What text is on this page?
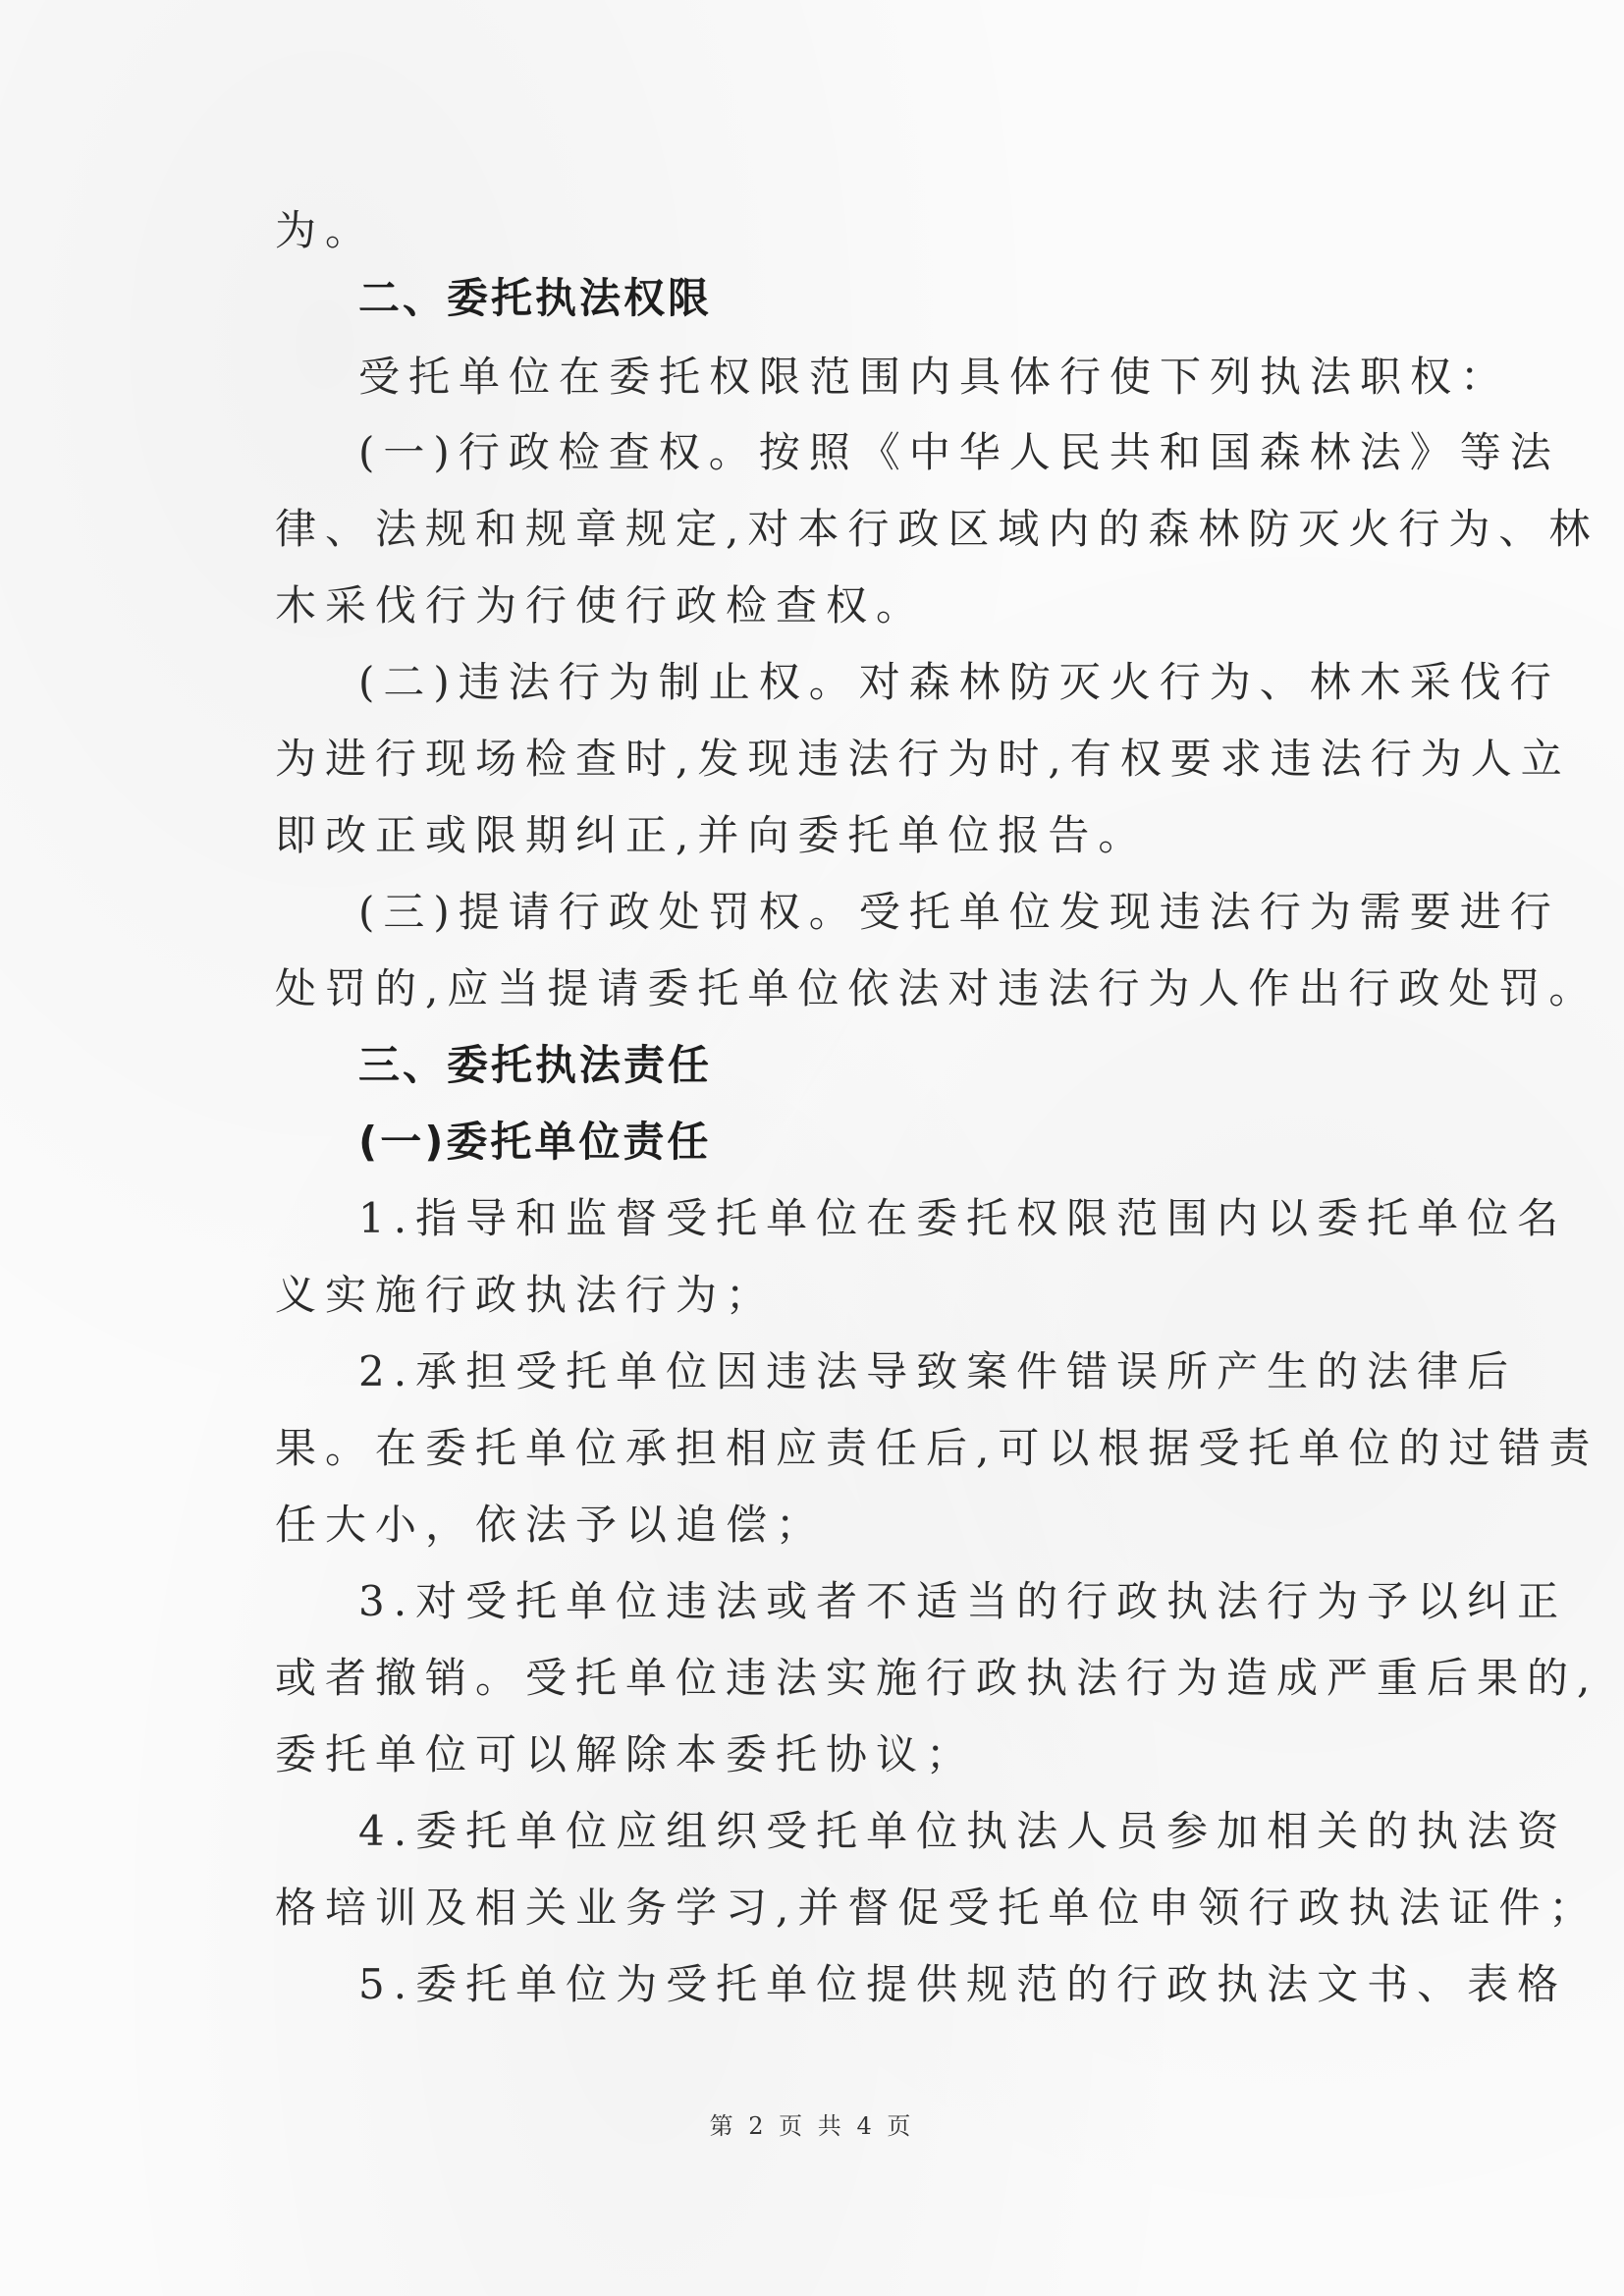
为。

二、委托执法权限

受托单位在委托权限范围内具体行使下列执法职权：

(一)行政检查权。按照《中华人民共和国森林法》等法

律、法规和规章规定,对本行政区域内的森林防灭火行为、林

木采伐行为行使行政检查权。

(二)违法行为制止权。对森林防灭火行为、林木采伐行

为进行现场检查时,发现违法行为时,有权要求违法行为人立

即改正或限期纠正,并向委托单位报告。

(三)提请行政处罚权。受托单位发现违法行为需要进行

处罚的,应当提请委托单位依法对违法行为人作出行政处罚。

三、委托执法责任

(一)委托单位责任

1.指导和监督受托单位在委托权限范围内以委托单位名

义实施行政执法行为；

2.承担受托单位因违法导致案件错误所产生的法律后

果。在委托单位承担相应责任后,可以根据受托单位的过错责

任大小，依法予以追偿；

3.对受托单位违法或者不适当的行政执法行为予以纠正

或者撤销。受托单位违法实施行政执法行为造成严重后果的,

委托单位可以解除本委托协议；

4.委托单位应组织受托单位执法人员参加相关的执法资

格培训及相关业务学习,并督促受托单位申领行政执法证件；

5.委托单位为受托单位提供规范的行政执法文书、表格

第 2 页 共 4 页
